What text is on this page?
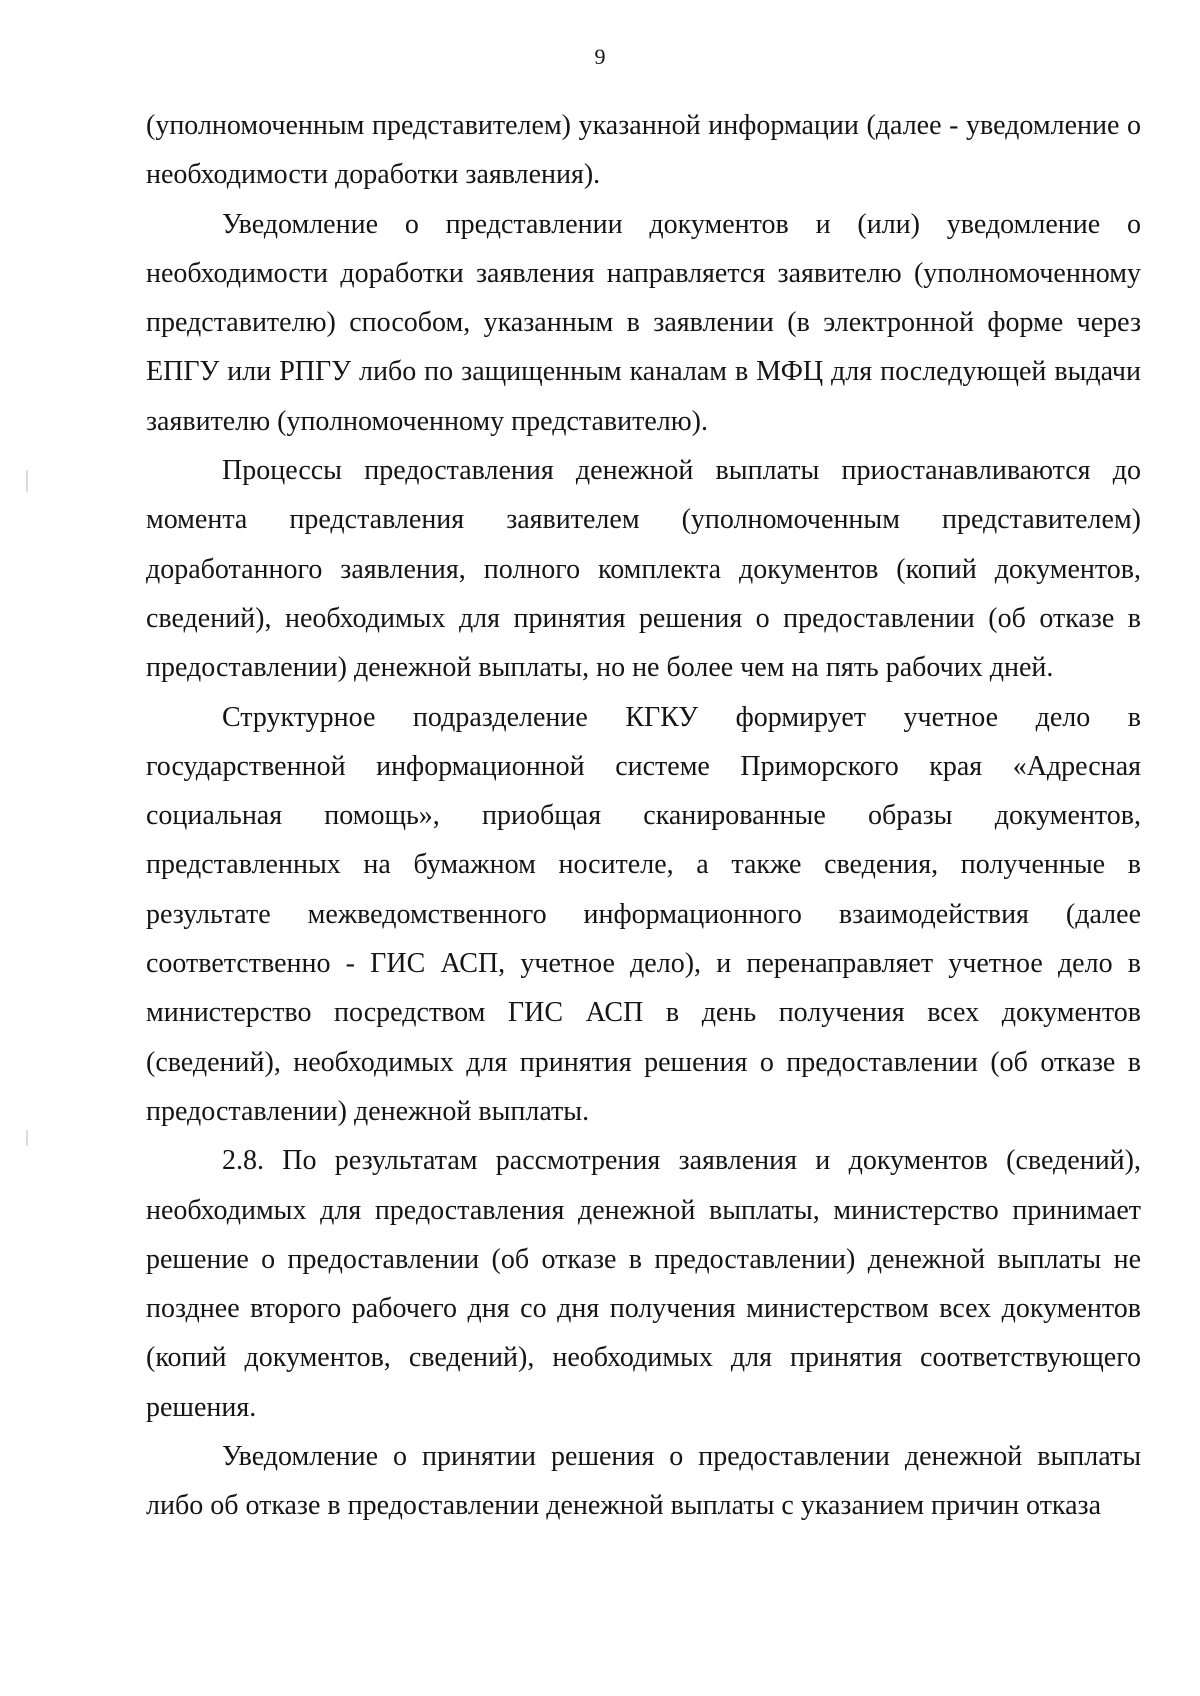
9

(уполномоченным представителем) указанной информации (далее - уведомление о необходимости доработки заявления).

Уведомление о представлении документов и (или) уведомление о необходимости доработки заявления направляется заявителю (уполномоченному представителю) способом, указанным в заявлении (в электронной форме через ЕПГУ или РПГУ либо по защищенным каналам в МФЦ для последующей выдачи заявителю (уполномоченному представителю).

Процессы предоставления денежной выплаты приостанавливаются до момента представления заявителем (уполномоченным представителем) доработанного заявления, полного комплекта документов (копий документов, сведений), необходимых для принятия решения о предоставлении (об отказе в предоставлении) денежной выплаты, но не более чем на пять рабочих дней.

Структурное подразделение КГКУ формирует учетное дело в государственной информационной системе Приморского края «Адресная социальная помощь», приобщая сканированные образы документов, представленных на бумажном носителе, а также сведения, полученные в результате межведомственного информационного взаимодействия (далее соответственно - ГИС АСП, учетное дело), и перенаправляет учетное дело в министерство посредством ГИС АСП в день получения всех документов (сведений), необходимых для принятия решения о предоставлении (об отказе в предоставлении) денежной выплаты.

2.8. По результатам рассмотрения заявления и документов (сведений), необходимых для предоставления денежной выплаты, министерство принимает решение о предоставлении (об отказе в предоставлении) денежной выплаты не позднее второго рабочего дня со дня получения министерством всех документов (копий документов, сведений), необходимых для принятия соответствующего решения.

Уведомление о принятии решения о предоставлении денежной выплаты либо об отказе в предоставлении денежной выплаты с указанием причин отказа
